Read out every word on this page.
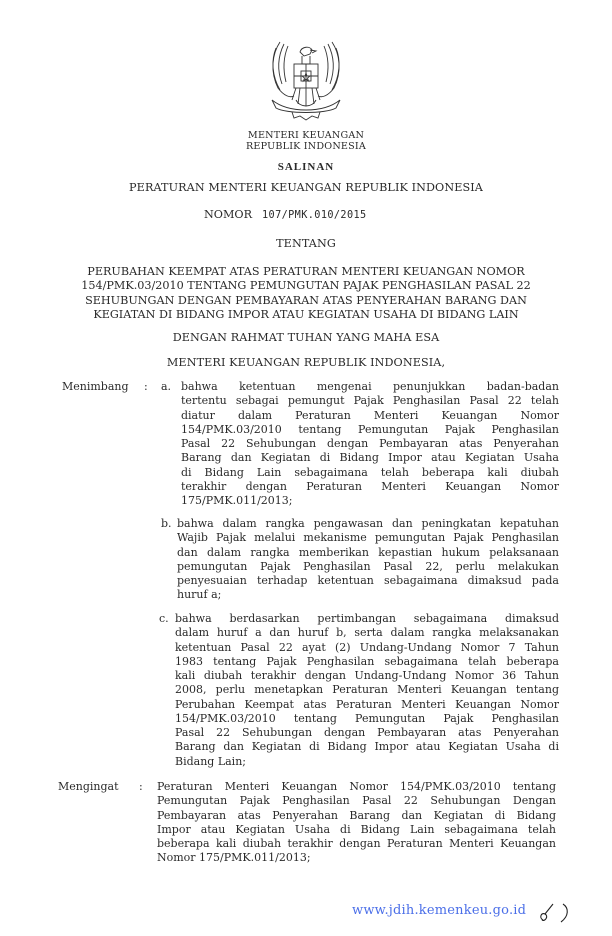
MENTERI KEUANGAN
REPUBLIK INDONESIA
SALINAN
PERATURAN MENTERI KEUANGAN REPUBLIK INDONESIA
NOMOR 107/PMK.010/2015
TENTANG
PERUBAHAN KEEMPAT ATAS PERATURAN MENTERI KEUANGAN NOMOR
154/PMK.03/2010 TENTANG PEMUNGUTAN PAJAK PENGHASILAN PASAL 22
SEHUBUNGAN DENGAN PEMBAYARAN ATAS PENYERAHAN BARANG DAN
KEGIATAN DI BIDANG IMPOR ATAU KEGIATAN USAHA DI BIDANG LAIN
DENGAN RAHMAT TUHAN YANG MAHA ESA
MENTERI KEUANGAN REPUBLIK INDONESIA,
Menimbang : a. bahwa ketentuan mengenai penunjukkan badan-badan
tertentu sebagai pemungut Pajak Penghasilan Pasal 22 telah
diatur dalam Peraturan Menteri Keuangan Nomor
154/PMK.03/2010 tentang Pemungutan Pajak Penghasilan
Pasal 22 Sehubungan dengan Pembayaran atas Penyerahan
Barang dan Kegiatan di Bidang Impor atau Kegiatan Usaha
di Bidang Lain sebagaimana telah beberapa kali diubah
terakhir dengan Peraturan Menteri Keuangan Nomor
175/PMK.011/2013;
b. bahwa dalam rangka pengawasan dan peningkatan kepatuhan
Wajib Pajak melalui mekanisme pemungutan Pajak Penghasilan
dan dalam rangka memberikan kepastian hukum pelaksanaan
pemungutan Pajak Penghasilan Pasal 22, perlu melakukan
penyesuaian terhadap ketentuan sebagaimana dimaksud pada
huruf a;
c. bahwa berdasarkan pertimbangan sebagaimana dimaksud
dalam huruf a dan huruf b, serta dalam rangka melaksanakan
ketentuan Pasal 22 ayat (2) Undang-Undang Nomor 7 Tahun
1983 tentang Pajak Penghasilan sebagaimana telah beberapa
kali diubah terakhir dengan Undang-Undang Nomor 36 Tahun
2008, perlu menetapkan Peraturan Menteri Keuangan tentang
Perubahan Keempat atas Peraturan Menteri Keuangan Nomor
154/PMK.03/2010 tentang Pemungutan Pajak Penghasilan
Pasal 22 Sehubungan dengan Pembayaran atas Penyerahan
Barang dan Kegiatan di Bidang Impor atau Kegiatan Usaha di
Bidang Lain;
Mengingat : Peraturan Menteri Keuangan Nomor 154/PMK.03/2010 tentang
Pemungutan Pajak Penghasilan Pasal 22 Sehubungan Dengan
Pembayaran atas Penyerahan Barang dan Kegiatan di Bidang
Impor atau Kegiatan Usaha di Bidang Lain sebagaimana telah
beberapa kali diubah terakhir dengan Peraturan Menteri Keuangan
Nomor 175/PMK.011/2013;
www.jdih.kemenkeu.go.id
